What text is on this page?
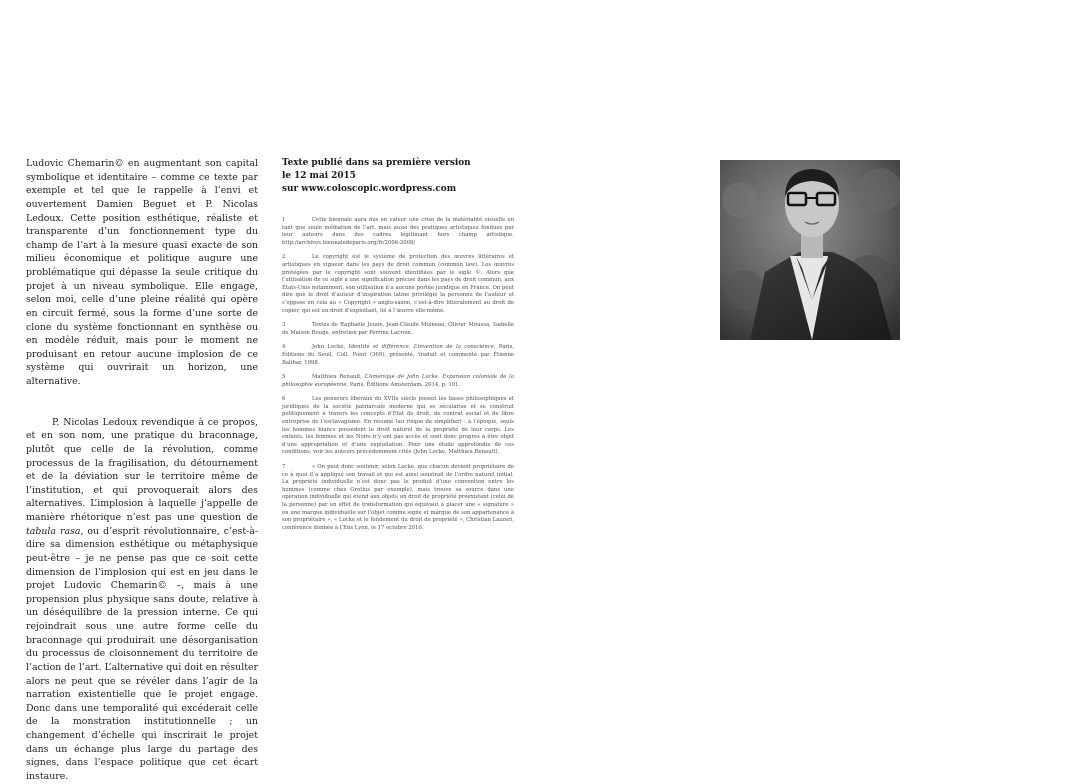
Ludovic Chemarin© en augmentant son capital symbolique et identitaire – comme ce texte par exemple et tel que le rappelle à l’envi et ouvertement Damien Beguet et P. Nicolas Ledoux. Cette position esthétique, réaliste et transparente d’un fonctionnement type du champ de l’art à la mesure quasi exacte de son milieu économique et politique augure une problématique qui dépasse la seule critique du projet à un niveau symbolique. Elle engage, selon moi, celle d’une pleine réalité qui opère en circuit fermé, sous la forme d’une sorte de clone du système fonctionnant en synthèse ou en modèle réduit, mais pour le moment ne produisant en retour aucune implosion de ce système qui ouvrirait un horizon, une alternative.

P. Nicolas Ledoux revendique à ce propos, et en son nom, une pratique du braconnage, plutôt que celle de la révolution, comme processus de la fragilisation, du détournement et de la déviation sur le territoire même de l’institution, et qui provoquerait alors des alternatives. L’implosion à laquelle j’appelle de manière rhétorique n’est pas une question de tabula rasa, ou d’esprit révolutionnaire, c’est-à-dire sa dimension esthétique ou métaphysique peut-être – je ne pense pas que ce soit cette dimension de l’implosion qui est en jeu dans le projet Ludovic Chemarin© –, mais à une propension plus physique sans doute, relative à un déséquilibre de la pression interne. Ce qui rejoindrait sous une autre forme celle du braconnage qui produirait une désorganisation du processus de cloisonnement du territoire de l’action de l’art. L’alternative qui doit en résulter alors ne peut que se révéler dans l’agir de la narration existentielle que le projet engage. Donc dans une temporalité qui excéderait celle de la monstration institutionnelle ; un changement d’échelle qui inscrirait le projet dans un échange plus large du partage des signes, dans l’espace politique que cet écart instaure.

Texte publié dans sa première version
le 12 mai 2015
sur www.coloscopic.wordpress.com
1	Cette biennale aura mis en valeur une crise de la matérialité visuelle en tant que seule médiation de l’art, mais aussi des pratiques artistiques fondues par leur auteurs dans des cadres légitimant hors champ artistique. http://archives.biennaledeparis.org/fr/2006-2008/
2	Le copyright est le système de protection des œuvres littéraires et artistiques en vigueur dans les pays de droit commun (common law). Les œuvres protégées par le copyright sont souvent identifiées par le sigle ©. Alors que l’utilisation de ce sigle a une signification précise dans les pays de droit commun, aux États-Unis notamment, son utilisation n’a aucune portée juridique en France. On peut dire que le droit d’auteur d’inspiration latine privilégie la personne de l’auteur et s’oppose en cela au « Copyright » anglo-saxon, c’est-à-dire littéralement au droit de copier, qui est un droit d’exploitant, lié à l’œuvre elle-même.
3	Textes de Raphaële Jeune, Jean-Claude Moineau, Olivier Moussa, Isabelle de Maison Rouge, entretien par Perrine Lacroix.
4	John Locke, Identité et différence. L’invention de la conscience, Paris, Éditions du Seuil, Coll. Point (369), présenté, traduit et commenté par Étienne Balibar, 1998.
5	Matthieu Renault, L’Amérique de John Locke. Expansion coloniale de la philosophie européenne, Paris, Éditions Amsterdam, 2014, p. 101.
6	Les penseurs libéraux du XVIIe siècle posent les bases philosophiques et juridiques de la société patriarcale moderne qui se sécularise et se construit politiquement à travers les concepts d’État de droit, de contrat social et de libre entreprise de l’esclavagisme. En résumé (au risque de simplifier) : à l’époque, seuls les hommes blancs possèdent le droit naturel de la propriété de leur corps. Les enfants, les femmes et les Noirs n’y ont pas accès et sont donc propres à être objet d’une appropriation et d’une exploitation. Pour une étude approfondie de ces conditions, voir les auteurs précédemment cités (John Locke, Matthieu Renault).
7	« On peut donc soutenir, selon Locke, que chacun devient propriétaire de ce à quoi il a appliqué son travail et qui est ainsi soustrait de l’ordre naturel initial. La propriété individuelle n’est donc pas le produit d’une convention entre les hommes (comme chez Grotius par exemple), mais trouve sa source dans une opération individuelle qui étend aux objets un droit de propriété préexistant (celui de la personne) par un effet de transformation qui équivaut à placer une « signature » ou une marque individuelle sur l’objet comme signe et marque de son appartenance à son propriétaire ». « Locke et le fondement du droit de propriété », Christian Lazzeri, conférence donnée à l’Ens Lyon, le 17 octobre 2010.
